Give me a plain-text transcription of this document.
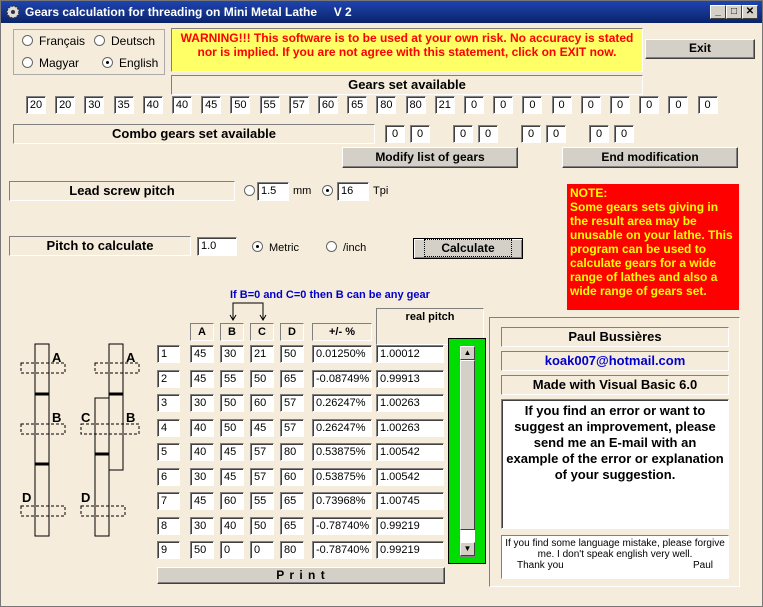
Gears calculation for threading on Mini Metal Lathe     V 2	_	□ ✕
Français	Deutsch
Magyar	English
WARNING!!! This software is to be used at your own risk. No accuracy is stated nor is implied. If you are not agree with this statement, click on EXIT now.	Exit
Gears set available
20	20	30	35	40	40	45	50	55	57	60	65	80	80	21	0	0	0	0	0	0	0	0	0
Combo gears set available	0	0	0	0	0	0	0	0
Modify list of gears	End modification
Lead screw pitch	1.5	mm	16	Tpi
Pitch to calculate	1.0	Metric	/inch	Calculate
NOTE:
Some gears sets giving in the result area may be unusable on your lathe. This program can be used to calculate gears for a wide range of lathes and also a wide range of gears set.
If B=0 and C=0 then B can be any gear
A
B
D
A
C	B
D
A	B	C	D	+/- %
1	45	30	21	50	0.01250%	1.00012
2	45	55	50	65	-0.08749% 0.99913
3	30	50	60	57	0.26247%	1.00263
4	40	50	45	57	0.26247%	1.00263
5	40	45	57	80	0.53875%	1.00542
6	30	45	57	60	0.53875%	1.00542
7	45	60	55	65	0.73968%	1.00745
8	30	40	50	65	-0.78740% 0.99219
9	50	0	0	80	-0.78740% 0.99219
real pitch
▲
▼
P r i n t
Paul Bussières
koak007@hotmail.com
Made with Visual Basic 6.0
If you find an error or want to suggest an improvement, please send me an E-mail with an example of the error or explanation of your suggestion.
If you find some language mistake, please forgive me. I don't speak english very well.
Thank you	Paul
